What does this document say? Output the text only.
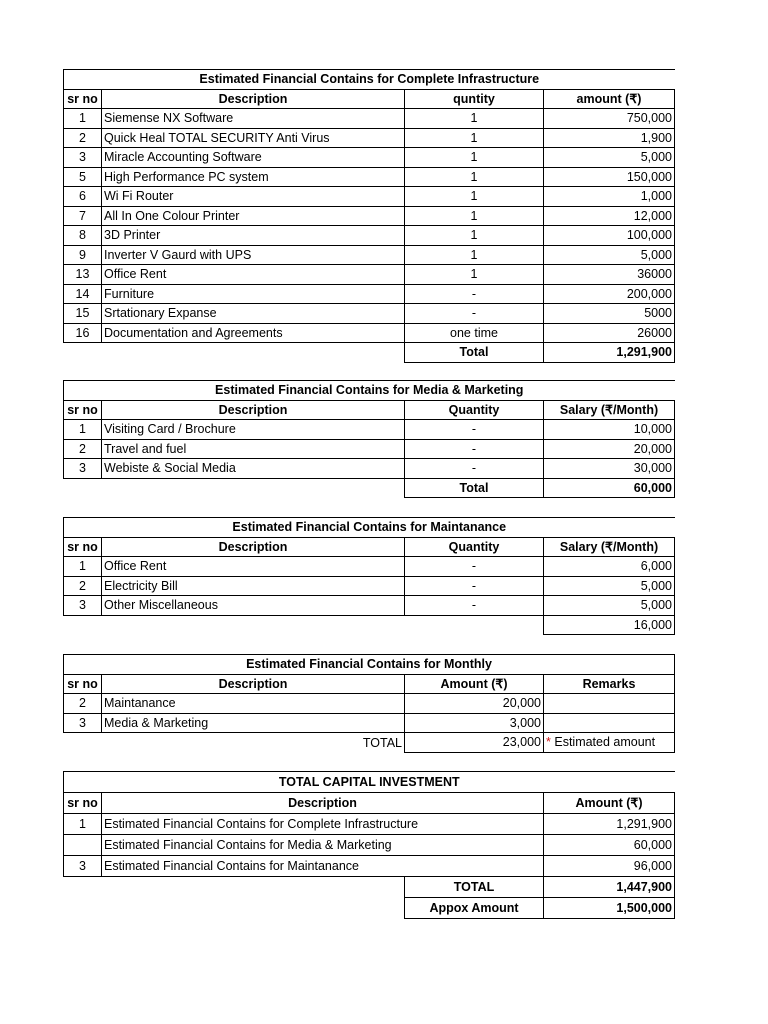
Estimated Financial Contains for Complete Infrastructure			
sr no	Description	quntity	amount (₹)
1	Siemense NX Software	1	750,000
2	Quick Heal TOTAL SECURITY Anti Virus	1	1,900
3	Miracle Accounting Software	1	5,000
5	High Performance PC system	1	150,000
6	Wi Fi Router	1	1,000
7	All In One Colour Printer	1	12,000
8	3D Printer	1	100,000
9	Inverter V Gaurd with UPS	1	5,000
13	Office Rent	1	36000
14	Furniture	-	200,000
15	Srtationary Expanse	-	5000
16	Documentation and Agreements	one time	26000
		Total	1,291,900
Estimated Financial Contains for Media & Marketing			
sr no	Description	Quantity	Salary (₹/Month)
1	Visiting Card / Brochure	-	10,000
2	Travel and fuel	-	20,000
3	Webiste & Social Media	-	30,000
		Total	60,000
Estimated Financial Contains for Maintanance			
sr no	Description	Quantity	Salary (₹/Month)
1	Office Rent	-	6,000
2	Electricity Bill	-	5,000
3	Other Miscellaneous	-	5,000
			16,000
Estimated Financial Contains for Monthly			
sr no	Description	Amount (₹)	Remarks
2	Maintanance	20,000	
3	Media & Marketing	3,000	
	TOTAL	23,000	* Estimated amount
TOTAL CAPITAL INVESTMENT			
sr no	Description		Amount (₹)
1	Estimated Financial Contains for Complete Infrastructure		1,291,900
	Estimated Financial Contains for Media & Marketing		60,000
3	Estimated Financial Contains for Maintanance		96,000
		TOTAL	1,447,900
		Appox Amount	1,500,000
